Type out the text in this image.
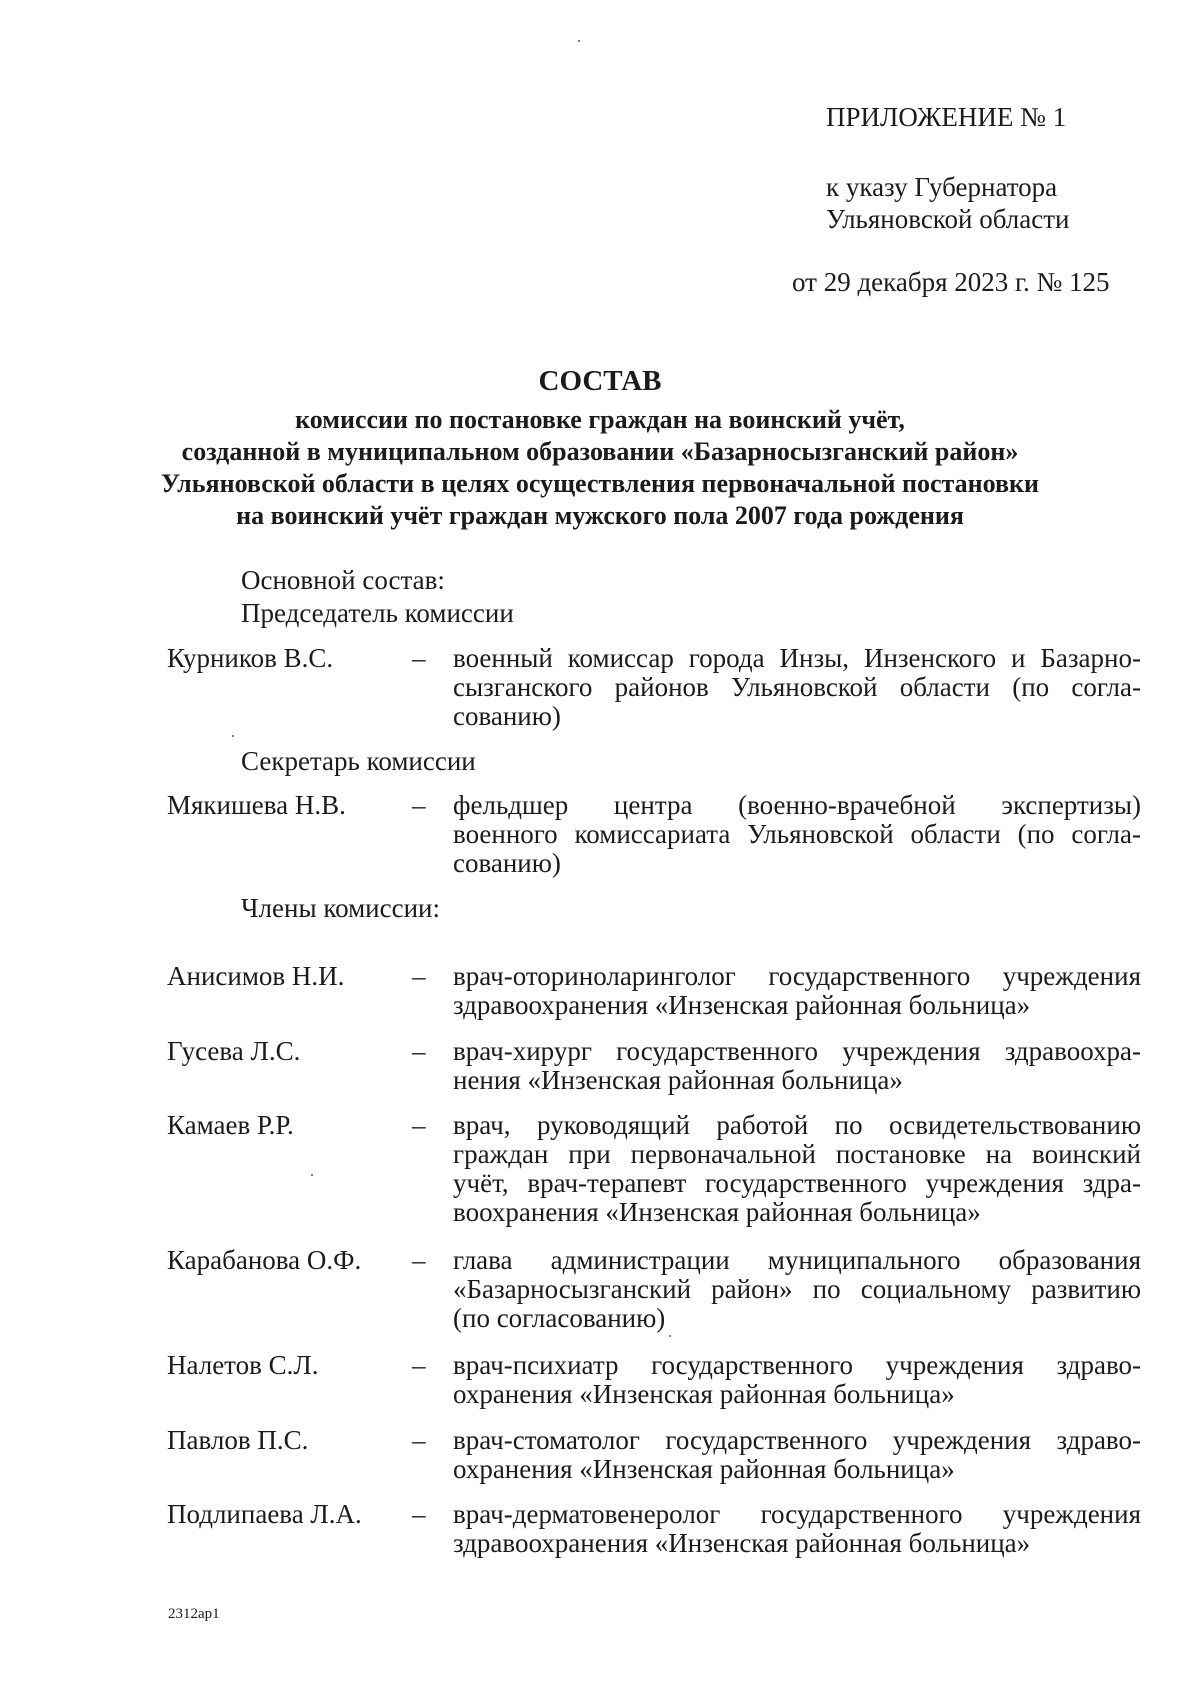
ПРИЛОЖЕНИЕ № 1

к указу Губернатора

Ульяновской области

от 29 декабря 2023 г. № 125

СОСТАВ

комиссии по постановке граждан на воинский учёт,

созданной в муниципальном образовании «Базарносызганский район»

Ульяновской области в целях осуществления первоначальной постановки

на воинский учёт граждан мужского пола 2007 года рождения

Основной состав:

Председатель комиссии

Курников В.С.	– военный комиссар города Инзы, Инзенского и Базарно-

сызганского районов Ульяновской области (по согла-

сованию)

Секретарь комиссии

Мякишева Н.В. – фельдшер центра (военно-врачебной экспертизы)

военного комиссариата Ульяновской области (по согла-

сованию)

Члены комиссии:

Анисимов Н.И.	– врач-оториноларинголог государственного учреждения

здравоохранения «Инзенская районная больница»

Гусева Л.С.	– врач-хирург государственного учреждения здравоохра-

нения «Инзенская районная больница»

Камаев Р.Р.	– врач, руководящий работой по освидетельствованию

граждан при первоначальной постановке на воинский

учёт, врач-терапевт государственного учреждения здра-

воохранения «Инзенская районная больница»

Карабанова О.Ф. – глава администрации муниципального образования

«Базарносызганский район» по социальному развитию

(по согласованию)

Налетов С.Л.	– врач-психиатр государственного учреждения здраво-

охранения «Инзенская районная больница»

Павлов П.С.	– врач-стоматолог государственного учреждения здраво-

охранения «Инзенская районная больница»

Подлипаева Л.А. – врач-дерматовенеролог государственного учреждения

здравоохранения «Инзенская районная больница»

2312ap1
